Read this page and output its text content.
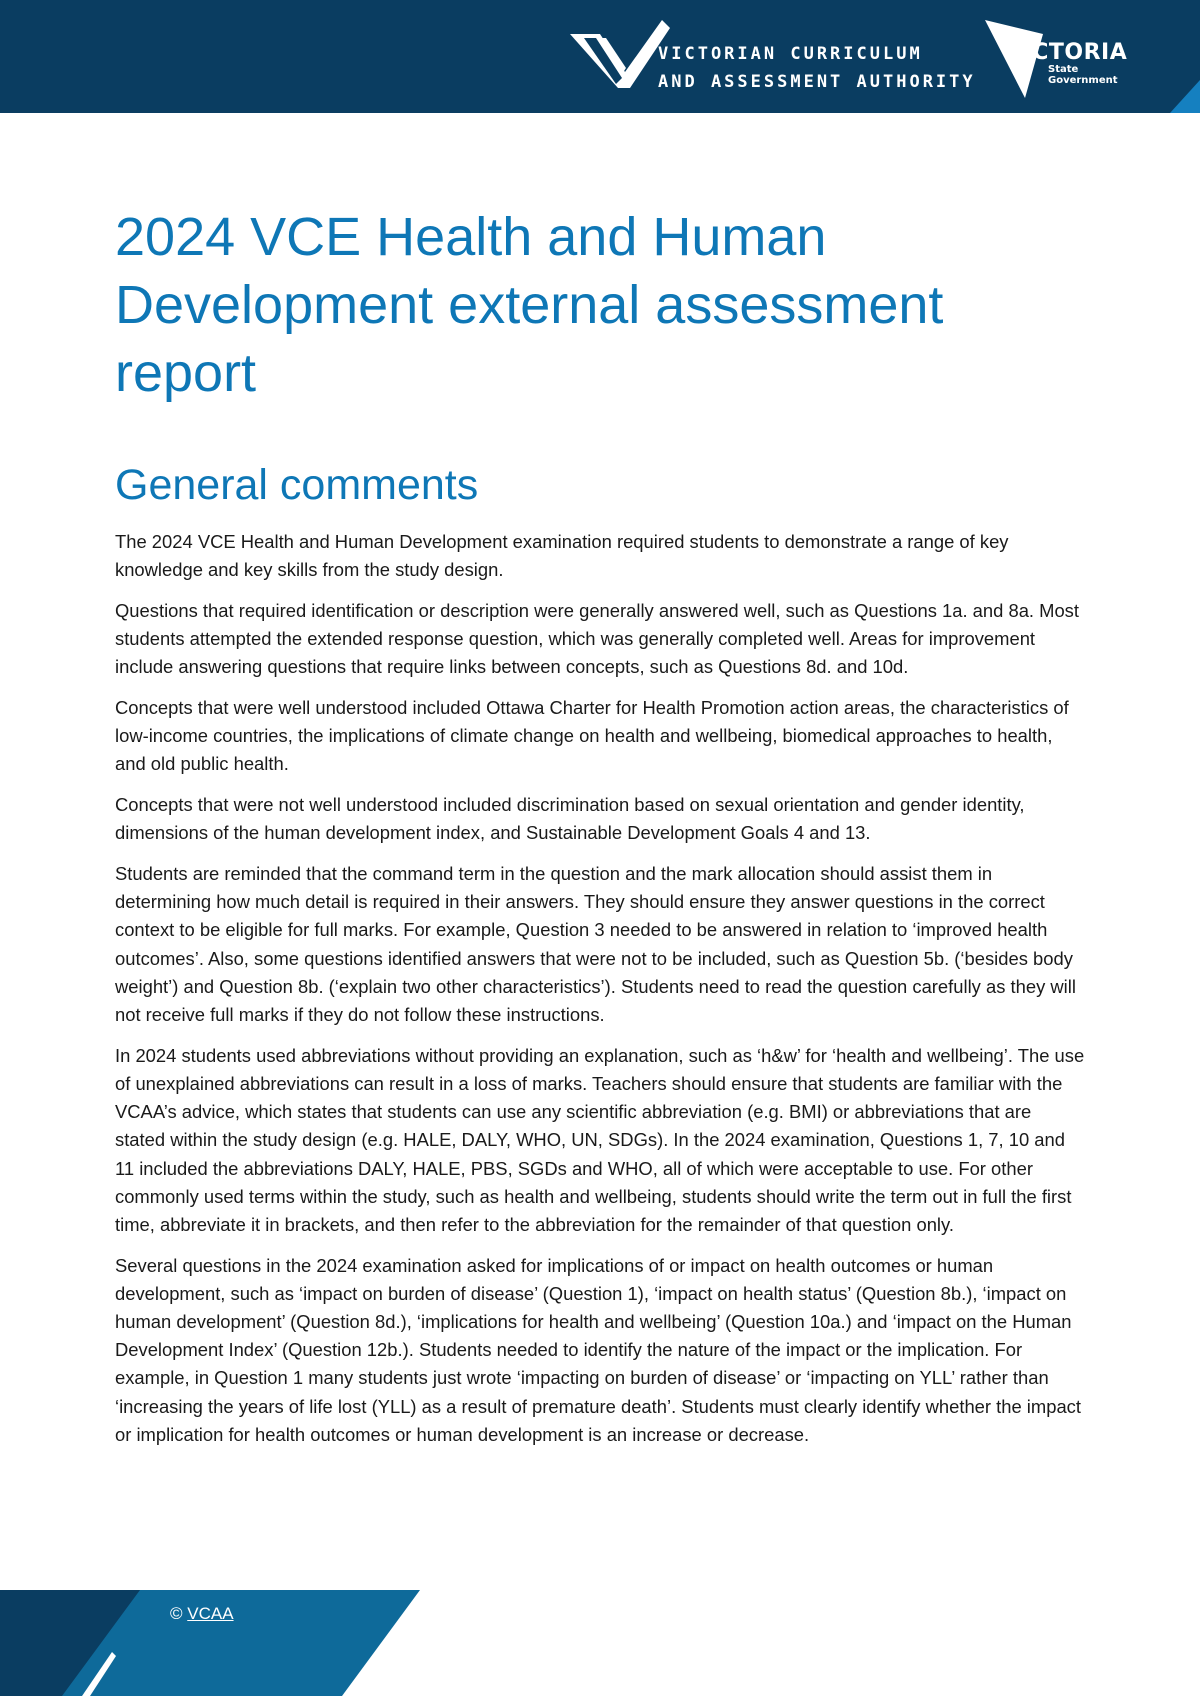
VICTORIAN CURRICULUM
AND ASSESSMENT AUTHORITY
VICTORIA
State
Government
2024 VCE Health and Human Development external assessment report
General comments

The 2024 VCE Health and Human Development examination required students to demonstrate a range of key knowledge and key skills from the study design.

Questions that required identification or description were generally answered well, such as Questions 1a. and 8a. Most students attempted the extended response question, which was generally completed well. Areas for improvement include answering questions that require links between concepts, such as Questions 8d. and 10d.

Concepts that were well understood included Ottawa Charter for Health Promotion action areas, the characteristics of low-income countries, the implications of climate change on health and wellbeing, biomedical approaches to health, and old public health.

Concepts that were not well understood included discrimination based on sexual orientation and gender identity, dimensions of the human development index, and Sustainable Development Goals 4 and 13.

Students are reminded that the command term in the question and the mark allocation should assist them in determining how much detail is required in their answers. They should ensure they answer questions in the correct context to be eligible for full marks. For example, Question 3 needed to be answered in relation to ‘improved health outcomes’. Also, some questions identified answers that were not to be included, such as Question 5b. (‘besides body weight’) and Question 8b. (‘explain two other characteristics’). Students need to read the question carefully as they will not receive full marks if they do not follow these instructions.

In 2024 students used abbreviations without providing an explanation, such as ‘h&w’ for ‘health and wellbeing’. The use of unexplained abbreviations can result in a loss of marks. Teachers should ensure that students are familiar with the VCAA’s advice, which states that students can use any scientific abbreviation (e.g. BMI) or abbreviations that are stated within the study design (e.g. HALE, DALY, WHO, UN, SDGs). In the 2024 examination, Questions 1, 7, 10 and 11 included the abbreviations DALY, HALE, PBS, SGDs and WHO, all of which were acceptable to use. For other commonly used terms within the study, such as health and wellbeing, students should write the term out in full the first time, abbreviate it in brackets, and then refer to the abbreviation for the remainder of that question only.

Several questions in the 2024 examination asked for implications of or impact on health outcomes or human development, such as ‘impact on burden of disease’ (Question 1), ‘impact on health status’ (Question 8b.), ‘impact on human development’ (Question 8d.), ‘implications for health and wellbeing’ (Question 10a.) and ‘impact on the Human Development Index’ (Question 12b.). Students needed to identify the nature of the impact or the implication. For example, in Question 1 many students just wrote ‘impacting on burden of disease’ or ‘impacting on YLL’ rather than ‘increasing the years of life lost (YLL) as a result of premature death’. Students must clearly identify whether the impact or implication for health outcomes or human development is an increase or decrease.

© VCAA
